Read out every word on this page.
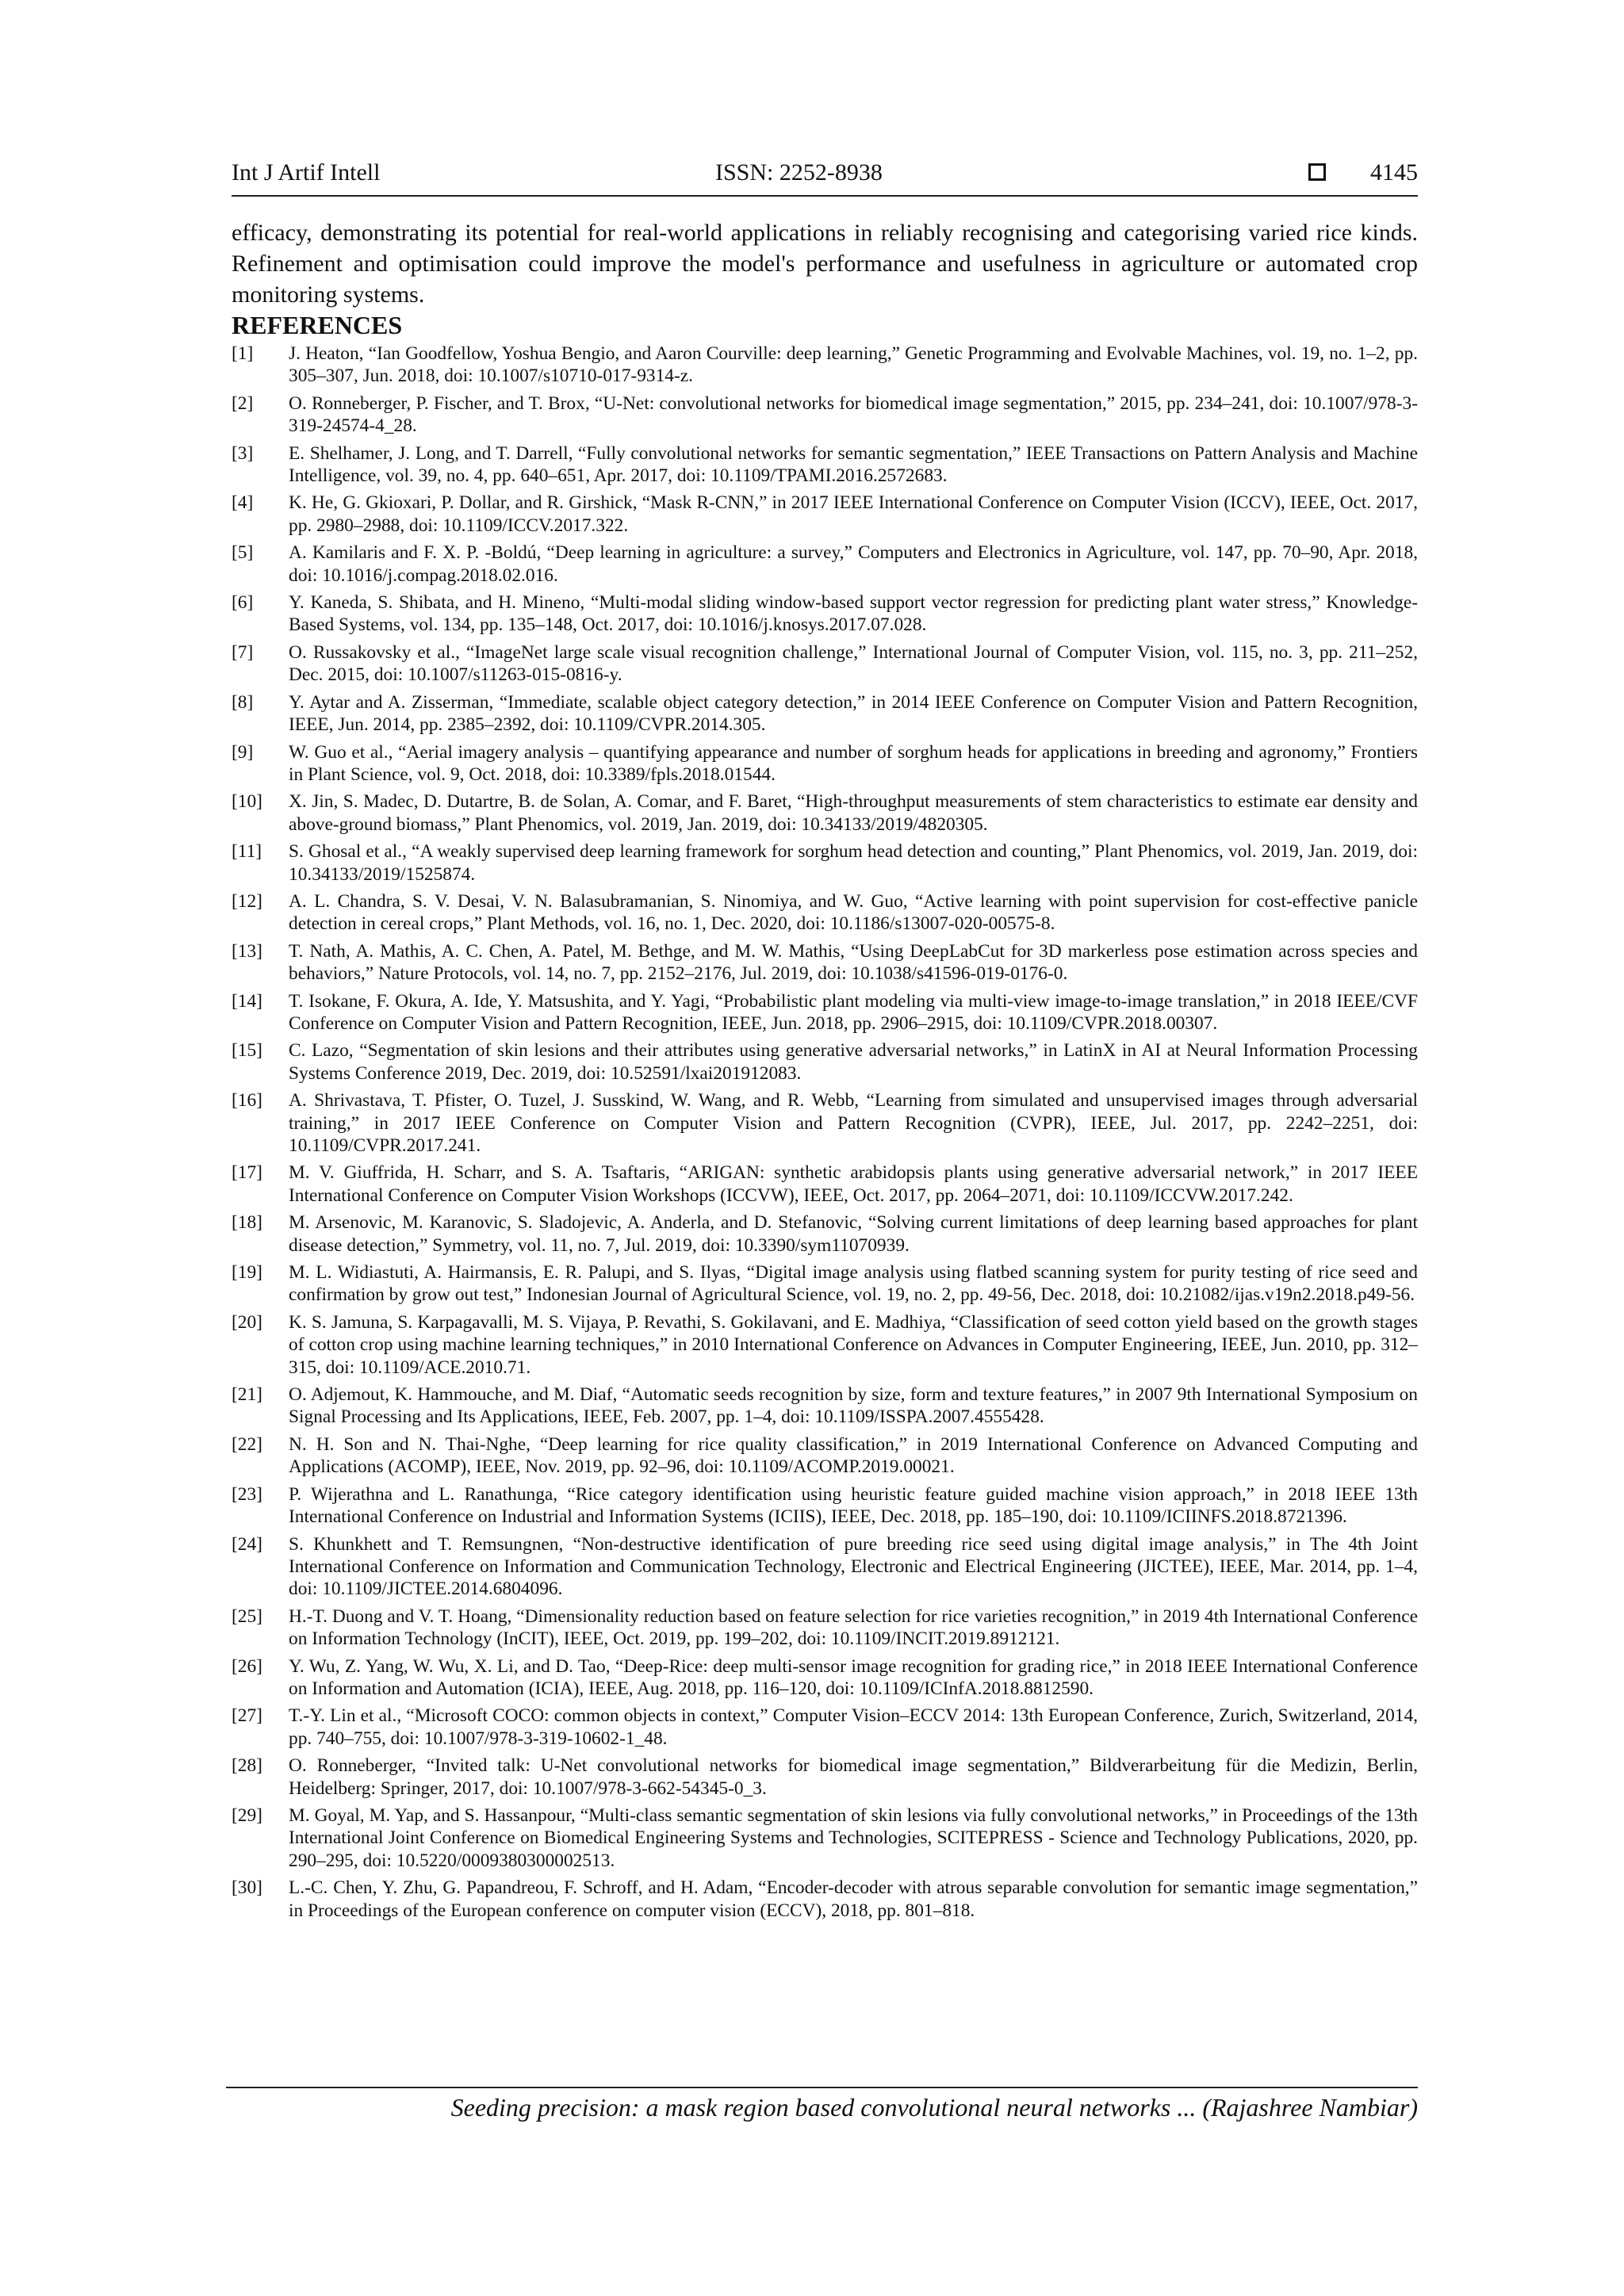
Int J Artif Intell	ISSN: 2252-8938	4145

efficacy, demonstrating its potential for real-world applications in reliably recognising and categorising varied rice kinds. Refinement and optimisation could improve the model's performance and usefulness in agriculture or automated crop monitoring systems.

REFERENCES
[1] J. Heaton, “Ian Goodfellow, Yoshua Bengio, and Aaron Courville: deep learning,” Genetic Programming and Evolvable Machines, vol. 19, no. 1–2, pp. 305–307, Jun. 2018, doi: 10.1007/s10710-017-9314-z.
[2] O. Ronneberger, P. Fischer, and T. Brox, “U-Net: convolutional networks for biomedical image segmentation,” 2015, pp. 234–241, doi: 10.1007/978-3-319-24574-4_28.
[3] E. Shelhamer, J. Long, and T. Darrell, “Fully convolutional networks for semantic segmentation,” IEEE Transactions on Pattern Analysis and Machine Intelligence, vol. 39, no. 4, pp. 640–651, Apr. 2017, doi: 10.1109/TPAMI.2016.2572683.
[4] K. He, G. Gkioxari, P. Dollar, and R. Girshick, “Mask R-CNN,” in 2017 IEEE International Conference on Computer Vision (ICCV), IEEE, Oct. 2017, pp. 2980–2988, doi: 10.1109/ICCV.2017.322.
[5] A. Kamilaris and F. X. P. -Boldú, “Deep learning in agriculture: a survey,” Computers and Electronics in Agriculture, vol. 147, pp. 70–90, Apr. 2018, doi: 10.1016/j.compag.2018.02.016.
[6] Y. Kaneda, S. Shibata, and H. Mineno, “Multi-modal sliding window-based support vector regression for predicting plant water stress,” Knowledge-Based Systems, vol. 134, pp. 135–148, Oct. 2017, doi: 10.1016/j.knosys.2017.07.028.
[7] O. Russakovsky et al., “ImageNet large scale visual recognition challenge,” International Journal of Computer Vision, vol. 115, no. 3, pp. 211–252, Dec. 2015, doi: 10.1007/s11263-015-0816-y.
[8] Y. Aytar and A. Zisserman, “Immediate, scalable object category detection,” in 2014 IEEE Conference on Computer Vision and Pattern Recognition, IEEE, Jun. 2014, pp. 2385–2392, doi: 10.1109/CVPR.2014.305.
[9] W. Guo et al., “Aerial imagery analysis – quantifying appearance and number of sorghum heads for applications in breeding and agronomy,” Frontiers in Plant Science, vol. 9, Oct. 2018, doi: 10.3389/fpls.2018.01544.
[10] X. Jin, S. Madec, D. Dutartre, B. de Solan, A. Comar, and F. Baret, “High-throughput measurements of stem characteristics to estimate ear density and above-ground biomass,” Plant Phenomics, vol. 2019, Jan. 2019, doi: 10.34133/2019/4820305.
[11] S. Ghosal et al., “A weakly supervised deep learning framework for sorghum head detection and counting,” Plant Phenomics, vol. 2019, Jan. 2019, doi: 10.34133/2019/1525874.
[12] A. L. Chandra, S. V. Desai, V. N. Balasubramanian, S. Ninomiya, and W. Guo, “Active learning with point supervision for cost-effective panicle detection in cereal crops,” Plant Methods, vol. 16, no. 1, Dec. 2020, doi: 10.1186/s13007-020-00575-8.
[13] T. Nath, A. Mathis, A. C. Chen, A. Patel, M. Bethge, and M. W. Mathis, “Using DeepLabCut for 3D markerless pose estimation across species and behaviors,” Nature Protocols, vol. 14, no. 7, pp. 2152–2176, Jul. 2019, doi: 10.1038/s41596-019-0176-0.
[14] T. Isokane, F. Okura, A. Ide, Y. Matsushita, and Y. Yagi, “Probabilistic plant modeling via multi-view image-to-image translation,” in 2018 IEEE/CVF Conference on Computer Vision and Pattern Recognition, IEEE, Jun. 2018, pp. 2906–2915, doi: 10.1109/CVPR.2018.00307.
[15] C. Lazo, “Segmentation of skin lesions and their attributes using generative adversarial networks,” in LatinX in AI at Neural Information Processing Systems Conference 2019, Dec. 2019, doi: 10.52591/lxai201912083.
[16] A. Shrivastava, T. Pfister, O. Tuzel, J. Susskind, W. Wang, and R. Webb, “Learning from simulated and unsupervised images through adversarial training,” in 2017 IEEE Conference on Computer Vision and Pattern Recognition (CVPR), IEEE, Jul. 2017, pp. 2242–2251, doi: 10.1109/CVPR.2017.241.
[17] M. V. Giuffrida, H. Scharr, and S. A. Tsaftaris, “ARIGAN: synthetic arabidopsis plants using generative adversarial network,” in 2017 IEEE International Conference on Computer Vision Workshops (ICCVW), IEEE, Oct. 2017, pp. 2064–2071, doi: 10.1109/ICCVW.2017.242.
[18] M. Arsenovic, M. Karanovic, S. Sladojevic, A. Anderla, and D. Stefanovic, “Solving current limitations of deep learning based approaches for plant disease detection,” Symmetry, vol. 11, no. 7, Jul. 2019, doi: 10.3390/sym11070939.
[19] M. L. Widiastuti, A. Hairmansis, E. R. Palupi, and S. Ilyas, “Digital image analysis using flatbed scanning system for purity testing of rice seed and confirmation by grow out test,” Indonesian Journal of Agricultural Science, vol. 19, no. 2, pp. 49-56, Dec. 2018, doi: 10.21082/ijas.v19n2.2018.p49-56.
[20] K. S. Jamuna, S. Karpagavalli, M. S. Vijaya, P. Revathi, S. Gokilavani, and E. Madhiya, “Classification of seed cotton yield based on the growth stages of cotton crop using machine learning techniques,” in 2010 International Conference on Advances in Computer Engineering, IEEE, Jun. 2010, pp. 312–315, doi: 10.1109/ACE.2010.71.
[21] O. Adjemout, K. Hammouche, and M. Diaf, “Automatic seeds recognition by size, form and texture features,” in 2007 9th International Symposium on Signal Processing and Its Applications, IEEE, Feb. 2007, pp. 1–4, doi: 10.1109/ISSPA.2007.4555428.
[22] N. H. Son and N. Thai-Nghe, “Deep learning for rice quality classification,” in 2019 International Conference on Advanced Computing and Applications (ACOMP), IEEE, Nov. 2019, pp. 92–96, doi: 10.1109/ACOMP.2019.00021.
[23] P. Wijerathna and L. Ranathunga, “Rice category identification using heuristic feature guided machine vision approach,” in 2018 IEEE 13th International Conference on Industrial and Information Systems (ICIIS), IEEE, Dec. 2018, pp. 185–190, doi: 10.1109/ICIINFS.2018.8721396.
[24] S. Khunkhett and T. Remsungnen, “Non-destructive identification of pure breeding rice seed using digital image analysis,” in The 4th Joint International Conference on Information and Communication Technology, Electronic and Electrical Engineering (JICTEE), IEEE, Mar. 2014, pp. 1–4, doi: 10.1109/JICTEE.2014.6804096.
[25] H.-T. Duong and V. T. Hoang, “Dimensionality reduction based on feature selection for rice varieties recognition,” in 2019 4th International Conference on Information Technology (InCIT), IEEE, Oct. 2019, pp. 199–202, doi: 10.1109/INCIT.2019.8912121.
[26] Y. Wu, Z. Yang, W. Wu, X. Li, and D. Tao, “Deep-Rice: deep multi-sensor image recognition for grading rice,” in 2018 IEEE International Conference on Information and Automation (ICIA), IEEE, Aug. 2018, pp. 116–120, doi: 10.1109/ICInfA.2018.8812590.
[27] T.-Y. Lin et al., “Microsoft COCO: common objects in context,” Computer Vision–ECCV 2014: 13th European Conference, Zurich, Switzerland, 2014, pp. 740–755, doi: 10.1007/978-3-319-10602-1_48.
[28] O. Ronneberger, “Invited talk: U-Net convolutional networks for biomedical image segmentation,” Bildverarbeitung für die Medizin, Berlin, Heidelberg: Springer, 2017, doi: 10.1007/978-3-662-54345-0_3.
[29] M. Goyal, M. Yap, and S. Hassanpour, “Multi-class semantic segmentation of skin lesions via fully convolutional networks,” in Proceedings of the 13th International Joint Conference on Biomedical Engineering Systems and Technologies, SCITEPRESS - Science and Technology Publications, 2020, pp. 290–295, doi: 10.5220/0009380300002513.
[30] L.-C. Chen, Y. Zhu, G. Papandreou, F. Schroff, and H. Adam, “Encoder-decoder with atrous separable convolution for semantic image segmentation,” in Proceedings of the European conference on computer vision (ECCV), 2018, pp. 801–818.
Seeding precision: a mask region based convolutional neural networks ... (Rajashree Nambiar)
